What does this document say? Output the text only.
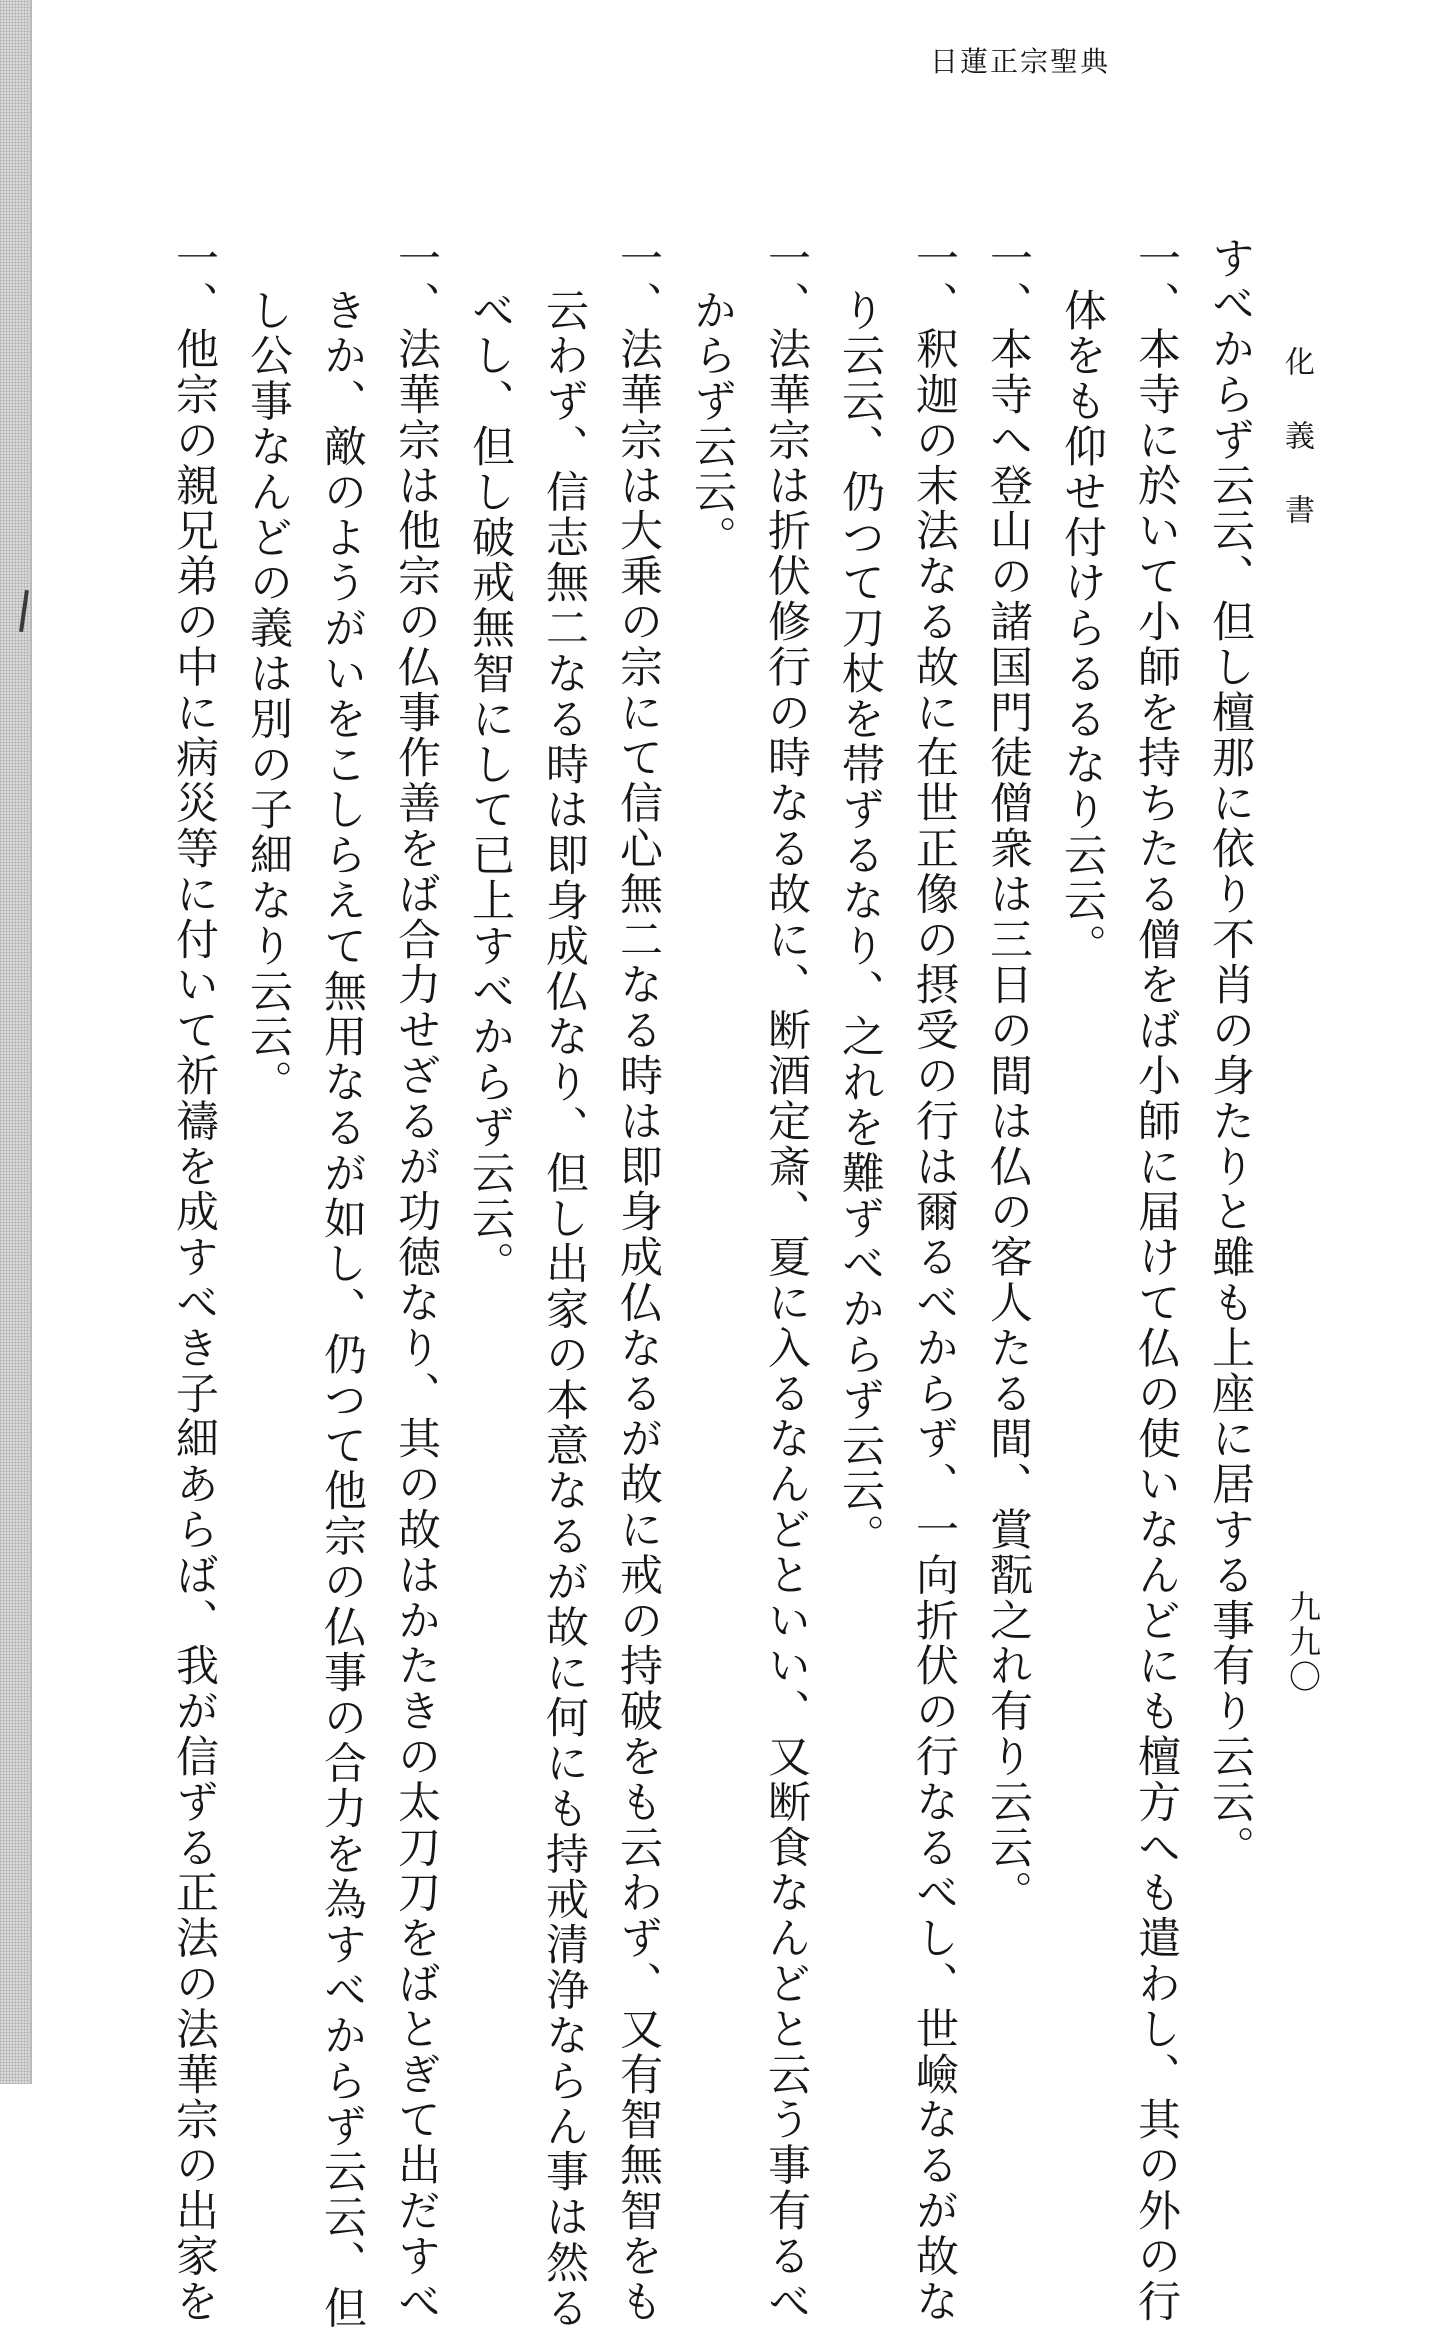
日蓮正宗聖典
化義書
九九〇
すべからず云云、但し檀那に依り不肖の身たりと雖も上座に居する事有り云云。
一、本寺に於いて小師を持ちたる僧をば小師に届けて仏の使いなんどにも檀方へも遣わし、其の外の行
体をも仰せ付けらるるなり云云。
一、本寺へ登山の諸国門徒僧衆は三日の間は仏の客人たる間、賞翫之れ有り云云。
一、釈迦の末法なる故に在世正像の摂受の行は爾るべからず、一向折伏の行なるべし、世嶮なるが故な
り云云、仍つて刀杖を帯ずるなり、之れを難ずべからず云云。
一、法華宗は折伏修行の時なる故に、断酒定斎、夏に入るなんどといい、又断食なんどと云う事有るべ
からず云云。
一、法華宗は大乗の宗にて信心無二なる時は即身成仏なるが故に戒の持破をも云わず、又有智無智をも
云わず、信志無二なる時は即身成仏なり、但し出家の本意なるが故に何にも持戒清浄ならん事は然る
べし、但し破戒無智にして已上すべからず云云。
一、法華宗は他宗の仏事作善をば合力せざるが功徳なり、其の故はかたきの太刀刀をばとぎて出だすべ
きか、敵のようがいをこしらえて無用なるが如し、仍つて他宗の仏事の合力を為すべからず云云、但
し公事なんどの義は別の子細なり云云。
一、他宗の親兄弟の中に病災等に付いて祈禱を成すべき子細あらば、我が信ずる正法の法華宗の出家を
